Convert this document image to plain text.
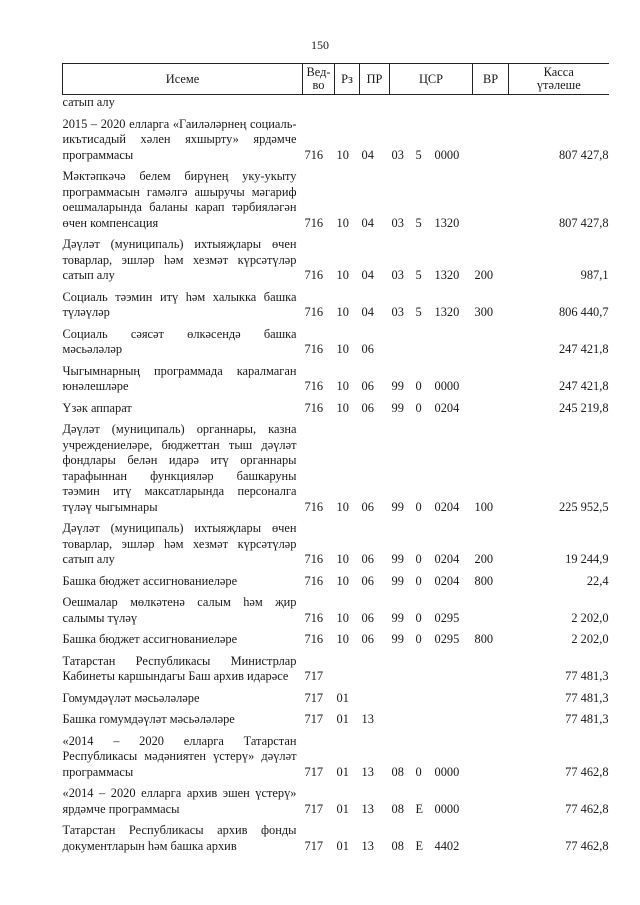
150
Исеме	Вед-
во	Рз	ПР	ЦСР			ВР	Касса
үтәлеше
сатып алу								

2015 – 2020 елларга «Гаиләләрнең социаль-икътисадый хәлен яхшырту» ярдәмче программасы	716	10	04	03	5	0000		807 427,8

Мәктәпкәчә белем бирүнең уку-укыту программасын гамәлгә ашыручы мәгариф оешмаларында баланы карап тәрбияләгән өчен компенсация	716	10	04	03	5	1320		807 427,8

Дәүләт (муниципаль) ихтыяҗлары өчен товарлар, эшләр һәм хезмәт күрсәтүләр сатып алу	716	10	04	03	5	1320	200	987,1

Социаль тәэмин итү һәм халыкка башка түләүләр	716	10	04	03	5	1320	300	806 440,7

Социаль сәясәт өлкәсендә башка мәсьәләләр	716	10	06					247 421,8

Чыгымнарның программада каралмаган юнәлешләре	716	10	06	99	0	0000		247 421,8

Үзәк аппарат	716	10	06	99	0	0204		245 219,8

Дәүләт (муниципаль) органнары, казна учреждениеләре, бюджеттан тыш дәүләт фондлары белән идарә итү органнары тарафыннан функцияләр башкаруны тәэмин итү максатларында персоналга түләү чыгымнары	716	10	06	99	0	0204	100	225 952,5

Дәүләт (муниципаль) ихтыяҗлары өчен товарлар, эшләр һәм хезмәт күрсәтүләр сатып алу	716	10	06	99	0	0204	200	19 244,9

Башка бюджет ассигнованиеләре	716	10	06	99	0	0204	800	22,4

Оешмалар мөлкәтенә салым һәм җир салымы түләү	716	10	06	99	0	0295		2 202,0

Башка бюджет ассигнованиеләре	716	10	06	99	0	0295	800	2 202,0

Татарстан Республикасы Министрлар Кабинеты каршындагы Баш архив идарәсе	717							77 481,3

Гомумдәүләт мәсьәләләре	717	01						77 481,3

Башка гомумдәүләт мәсьәләләре	717	01	13					77 481,3

«2014 – 2020 елларга Татарстан Республикасы мәдәниятен үстерү» дәүләт программасы	717	01	13	08	0	0000		77 462,8

«2014 – 2020 елларга архив эшен үстерү» ярдәмче программасы	717	01	13	08	Е	0000		77 462,8

Татарстан Республикасы архив фонды документларын һәм башка архив	717	01	13	08	Е	4402		77 462,8
